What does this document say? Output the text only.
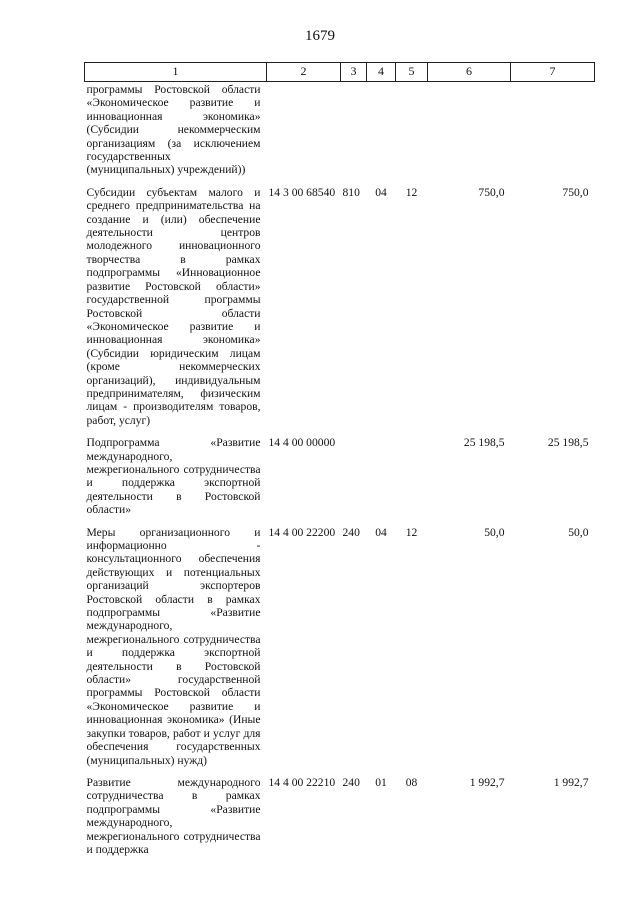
1679
1	2	3	4	5	6	7
программы Ростовской области «Экономическое развитие и инновационная экономика» (Субсидии некоммерческим организациям (за исключением государственных (муниципальных) учреждений))						
Субсидии субъектам малого и среднего предпринимательства на создание и (или) обеспечение деятельности центров молодежного инновационного творчества в рамках подпрограммы «Инновационное развитие Ростовской области» государственной программы Ростовской области «Экономическое развитие и инновационная экономика» (Субсидии юридическим лицам (кроме некоммерческих организаций), индивидуальным предпринимателям, физическим лицам - производителям товаров, работ, услуг)	14 3 00 68540	810	04	12	750,0	750,0
Подпрограмма «Развитие международного, межрегионального сотрудничества и поддержка экспортной деятельности в Ростовской области»	14 4 00 00000				25 198,5	25 198,5
Меры организационного и информационно - консультационного обеспечения действующих и потенциальных организаций экспортеров Ростовской области в рамках подпрограммы «Развитие международного, межрегионального сотрудничества и поддержка экспортной деятельности в Ростовской области» государственной программы Ростовской области «Экономическое развитие и инновационная экономика» (Иные закупки товаров, работ и услуг для обеспечения государственных (муниципальных) нужд)	14 4 00 22200	240	04	12	50,0	50,0
Развитие международного сотрудничества в рамках подпрограммы «Развитие международного, межрегионального сотрудничества и поддержка	14 4 00 22210	240	01	08	1 992,7	1 992,7
